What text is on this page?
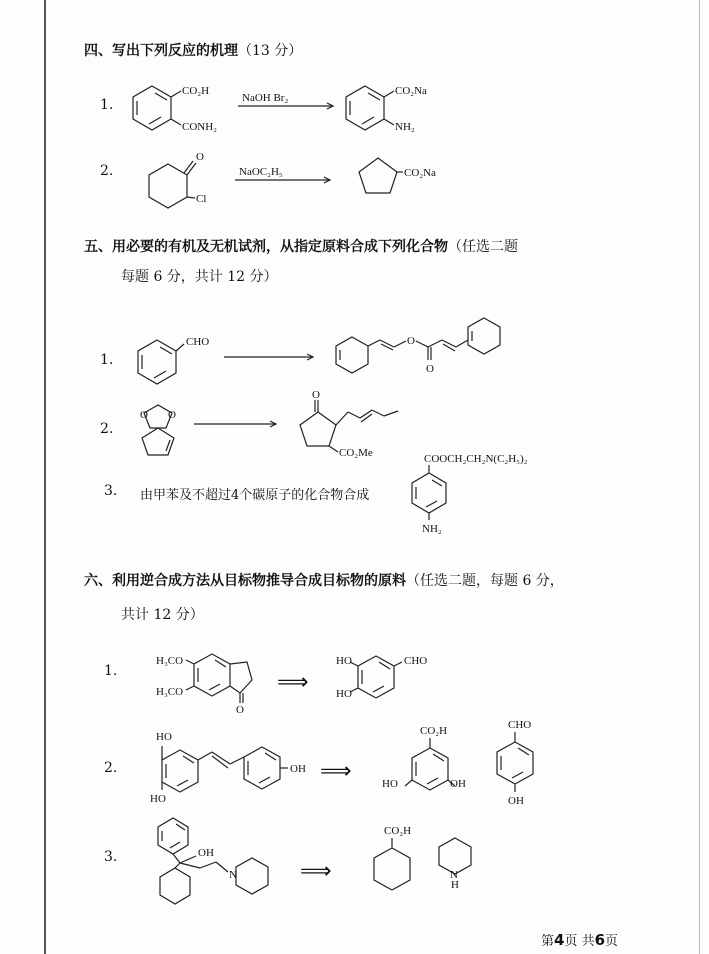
四、写出下列反应的机理（13 分）
1.
CO₂H
CONH₂
NaOH Br₂
CO₂Na
NH₂
2.
O
Cl
NaOC₂H₅	CO₂Na
五、用必要的有机及无机试剂，从指定原料合成下列化合物（任选二题
每题 6 分，共计 12 分）
1.
CHO	O
O
2.
O O
O
CO₂Me
3. 由甲苯及不超过4个碳原子的化合物合成
COOCH₂CH₂N(C₂H₅)₂
NH₂
六、利用逆合成方法从目标物推导合成目标物的原料（任选二题，每题 6 分，
共计 12 分）
1.
O
H₃CO
H₃CO	⟹
HO
HO
CHO
2.
HO
HO
OH ⟹
CO₂H
HO	OH
CHO
OH
3.	OH
N	⟹
CO₂H
N
H
第4页 共6页
